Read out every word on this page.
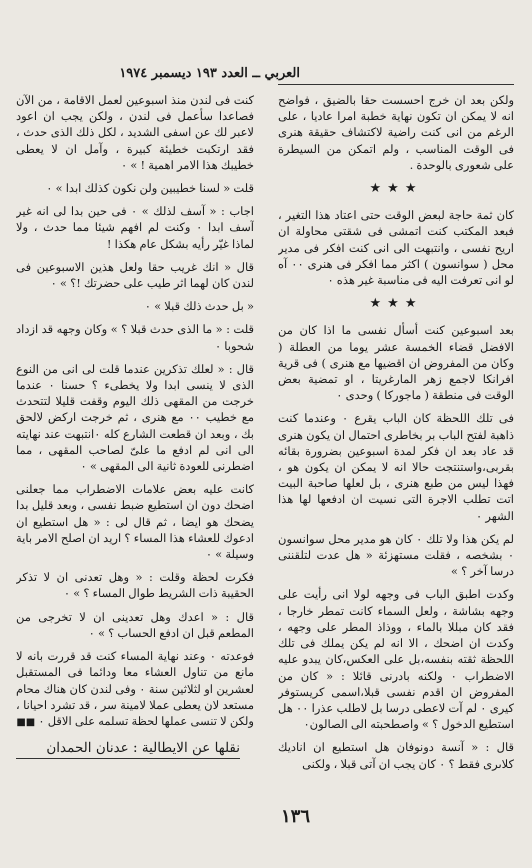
العربي ــ العدد ١٩٣ ديسمبر ١٩٧٤

ولكن بعد ان خرج احسست حقا بالضيق ، فواضح انه لا يمكن ان تكون نهاية خطبة امرا عاديا ، على الرغم من انى كنت راضية لاكتشاف حقيقة هنرى فى الوقت المناسب ، ولم اتمكن من السيطرة على شعورى بالوحدة .

★★★

كان ثمة حاجة لبعض الوقت حتى اعتاد هذا التغير ، فبعد المكتب كنت اتمشى فى شقتى محاولة ان اريح نفسى ، وانتبهت الى انى كنت افكر فى مدير محل ( سوانسون ) اكثر مما افكر فى هنرى ٠٠ آه لو انى تعرفت اليه فى مناسبة غير هذه ٠

★★★

بعد اسبوعين كنت أسأل نفسى ما اذا كان من الافضل قضاء الخمسة عشر يوما من العطلة ( وكان من المفروض ان اقضيها مع هنرى ) فى قرية افرانكا لاجمع زهر المارغريتا ، او تمضية بعض الوقت فى منطقة ( ماجوركا ) وحدى ٠

فى تلك اللحظة كان الباب يقرع ٠ وعندما كنت ذاهبة لفتح الباب بر بخاطرى احتمال ان يكون هنرى قد عاد بعد ان فكر لمدة اسبوعين بضرورة بقائه بقربى،واستنتجت حالا انه لا يمكن ان يكون هو ، فهذا ليس من طبع هنرى ، بل لعلها صاحبة البيت اتت تطلب الاجرة التى نسيت ان ادفعها لها هذا الشهر ٠

لم يكن هذا ولا تلك ٠ كان هو مدير محل سوانسون ٠ بشخصه ، فقلت مستهزئة « هل عدت لتلقننى درسا آخر ؟ »

وكدت اطبق الباب فى وجهه لولا انى رأيت على وجهه بشاشة ، ولعل السماء كانت تمطر خارجا ، فقد كان مبللا بالماء ، ووذاذ المطر على وجهه ، وكدت ان اضحك ، الا انه لم يكن يملك فى تلك اللحظة ثقته بنفسه،بل على العكس،كان يبدو عليه الاضطراب ٠ ولكنه بادرنى قائلا : « كان من المفروض ان اقدم نفسى قبلا،اسمى كريستوفر كيرى ٠ لم آت لاعطى درسا بل لاطلب عذرا ٠٠ هل استطيع الدخول ؟ » واصطحبته الى الصالون٠

قال : « آنسة دونوفان هل استطيع ان اناديك كلاىرى فقط ؟ ٠ كان يجب ان آتى قبلا ، ولكنى

كنت فى لندن منذ اسبوعين لعمل الاقامة ، من الآن فصاعدا سأعمل فى لندن ، ولكن يجب ان اعود لاعبر لك عن اسفى الشديد ، لكل ذلك الذى حدث ، فقد ارتكبت خطيئة كبيرة ، وآمل ان لا يعطى خطيبك هذا الامر اهمية ! » ٠

قلت « لسنا خطيبين ولن نكون كذلك ابدا » ٠

اجاب : « آسف لذلك » ٠ فى حين بدا لى انه غير آسف ابدا ٠ وكنت لم افهم شيئا مما حدث ، ولا لماذا غيّر رأيه بشكل عام هكذا !

قال « انك غريب حقا ولعل هذين الاسبوعين فى لندن كان لهما اثر طيب على حضرتك !؟ » ٠

« بل حدث ذلك قبلا » ٠

قلت : « ما الذى حدث قبلا ؟ » وكان وجهه قد ازداد شحوبا ٠

قال : « لعلك تذكرين عندما قلت لى انى من النوع الذى لا ينسى ابدا ولا يخطىء ؟ حسنا ٠ عندما خرجت من المقهى ذلك اليوم وقفت قليلا لتتحدث مع خطيب ٠٠ مع هنرى ، ثم خرجت اركض لالحق بك ، وبعد ان قطعت الشارع كله ٠انتبهت عند نهايته الى انى لم ادفع ما علىّ لصاحب المقهى ، مما اضطرنى للعودة ثانية الى المقهى » ٠

كانت عليه بعض علامات الاضطراب مما جعلنى اضحك دون ان استطيع ضبط نفسى ، وبعد قليل بدا يضحك هو ايضا ، ثم قال لى : « هل استطيع ان ادعوك للعشاء هذا المساء ؟ اريد ان اصلح الامر باية وسيلة » ٠

فكرت لحظة وقلت : « وهل تعدنى ان لا تذكر الحقيبة ذات الشريط طوال المساء ؟ » ٠

قال : « اعدك وهل تعدينى ان لا تخرجى من المطعم قبل ان ادفع الحساب ؟ » ٠

فوعدته ٠ وعند نهاية المساء كنت قد قررت بانه لا مانع من تناول العشاء معا ودائما فى المستقبل لعشرين او لثلاثين سنة ٠ وفى لندن كان هناك محام مستعد لان يعطى عملا لامينة سر ، قد تشرد احيانا ، ولكن لا تنسى عملها لحظة تسلمه على الاقل ٠ ■■

نقلها عن الايطالية : عدنان الحمدان
١٣٦
